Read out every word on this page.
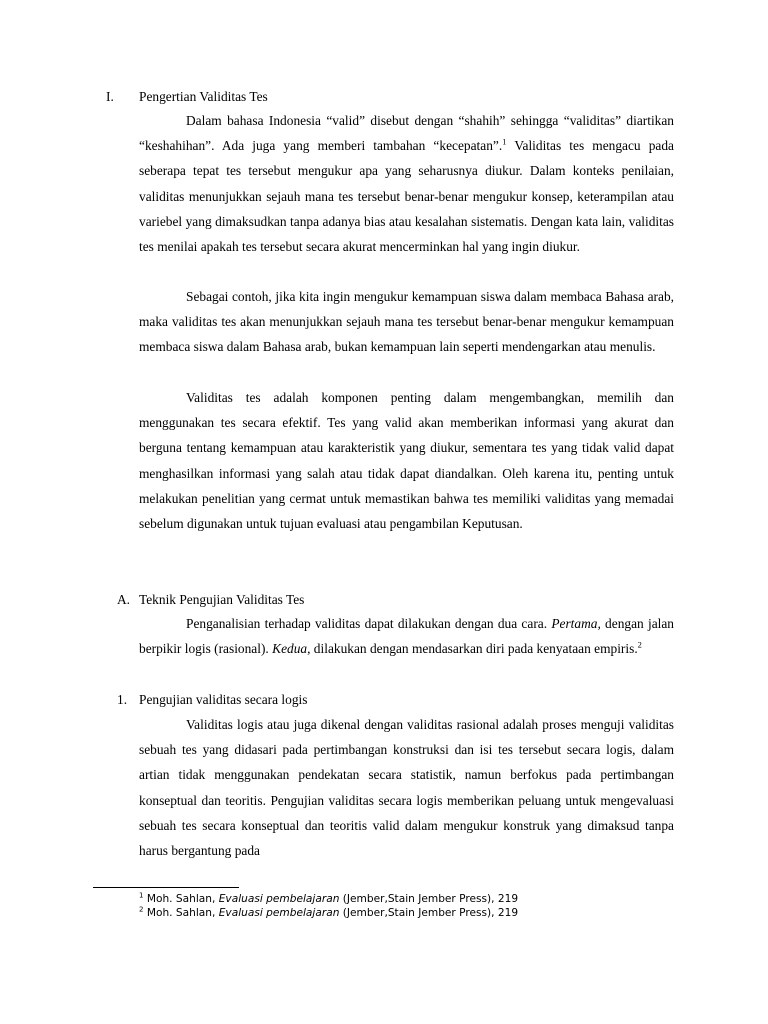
I. Pengertian Validitas Tes

Dalam bahasa Indonesia “valid” disebut dengan “shahih” sehingga “validitas” diartikan “keshahihan”. Ada juga yang memberi tambahan “kecepatan”.$^1$ Validitas tes mengacu pada seberapa tepat tes tersebut mengukur apa yang seharusnya diukur. Dalam konteks penilaian, validitas menunjukkan sejauh mana tes tersebut benar-benar mengukur konsep, keterampilan atau variebel yang dimaksudkan tanpa adanya bias atau kesalahan sistematis. Dengan kata lain, validitas tes menilai apakah tes tersebut secara akurat mencerminkan hal yang ingin diukur.

Sebagai contoh, jika kita ingin mengukur kemampuan siswa dalam membaca Bahasa arab, maka validitas tes akan menunjukkan sejauh mana tes tersebut benar-benar mengukur kemampuan membaca siswa dalam Bahasa arab, bukan kemampuan lain seperti mendengarkan atau menulis.

Validitas tes adalah komponen penting dalam mengembangkan, memilih dan menggunakan tes secara efektif. Tes yang valid akan memberikan informasi yang akurat dan berguna tentang kemampuan atau karakteristik yang diukur, sementara tes yang tidak valid dapat menghasilkan informasi yang salah atau tidak dapat diandalkan. Oleh karena itu, penting untuk melakukan penelitian yang cermat untuk memastikan bahwa tes memiliki validitas yang memadai sebelum digunakan untuk tujuan evaluasi atau pengambilan Keputusan.

A. Teknik Pengujian Validitas Tes

Penganalisian terhadap validitas dapat dilakukan dengan dua cara. Pertama, dengan jalan berpikir logis (rasional). Kedua, dilakukan dengan mendasarkan diri pada kenyataan empiris.$^2$

1. Pengujian validitas secara logis

Validitas logis atau juga dikenal dengan validitas rasional adalah proses menguji validitas sebuah tes yang didasari pada pertimbangan konstruksi dan isi tes tersebut secara logis, dalam artian tidak menggunakan pendekatan secara statistik, namun berfokus pada pertimbangan konseptual dan teoritis. Pengujian validitas secara logis memberikan peluang untuk mengevaluasi sebuah tes secara konseptual dan teoritis valid dalam mengukur konstruk yang dimaksud tanpa harus bergantung pada

$^1$ Moh. Sahlan, Evaluasi pembelajaran (Jember,Stain Jember Press), 219
$^2$ Moh. Sahlan, Evaluasi pembelajaran (Jember,Stain Jember Press), 219
